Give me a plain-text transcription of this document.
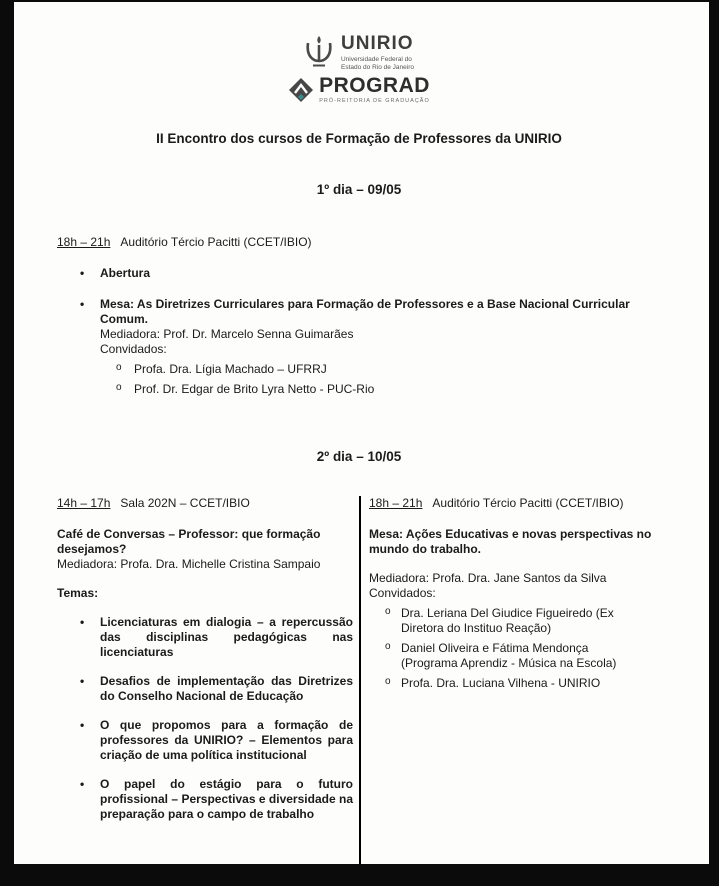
UNIRIO
Universidade Federal do
Estado do Rio de Janeiro
PROGRAD
PRÓ-REITORIA DE GRADUAÇÃO
II Encontro dos cursos de Formação de Professores da UNIRIO
1º dia – 09/05

18h – 21h Auditório Tércio Pacitti (CCET/IBIO)

•	Abertura
•	Mesa: As Diretrizes Curriculares para Formação de Professores e a Base Nacional Curricular Comum.
Mediadora: Prof. Dr. Marcelo Senna Guimarães
Convidados:
o	Profa. Dra. Lígia Machado – UFRRJ
o	Prof. Dr. Edgar de Brito Lyra Netto - PUC-Rio
2º dia – 10/05

14h – 17h Sala 202N – CCET/IBIO

Café de Conversas – Professor: que formação desejamos?
Mediadora: Profa. Dra. Michelle Cristina Sampaio
Temas:
•	Licenciaturas em dialogia – a repercussão das disciplinas pedagógicas nas licenciaturas
•	Desafios de implementação das Diretrizes do Conselho Nacional de Educação
•	O que propomos para a formação de professores da UNIRIO? – Elementos para criação de uma política institucional
•	O papel do estágio para o futuro profissional – Perspectivas e diversidade na preparação para o campo de trabalho

18h – 21h Auditório Tércio Pacitti (CCET/IBIO)

Mesa: Ações Educativas e novas perspectivas no mundo do trabalho.
Mediadora: Profa. Dra. Jane Santos da Silva
Convidados:
o Dra. Leriana Del Giudice Figueiredo (Ex Diretora do Instituo Reação)
o Daniel Oliveira e Fátima Mendonça (Programa Aprendiz - Música na Escola)
o Profa. Dra. Luciana Vilhena - UNIRIO
